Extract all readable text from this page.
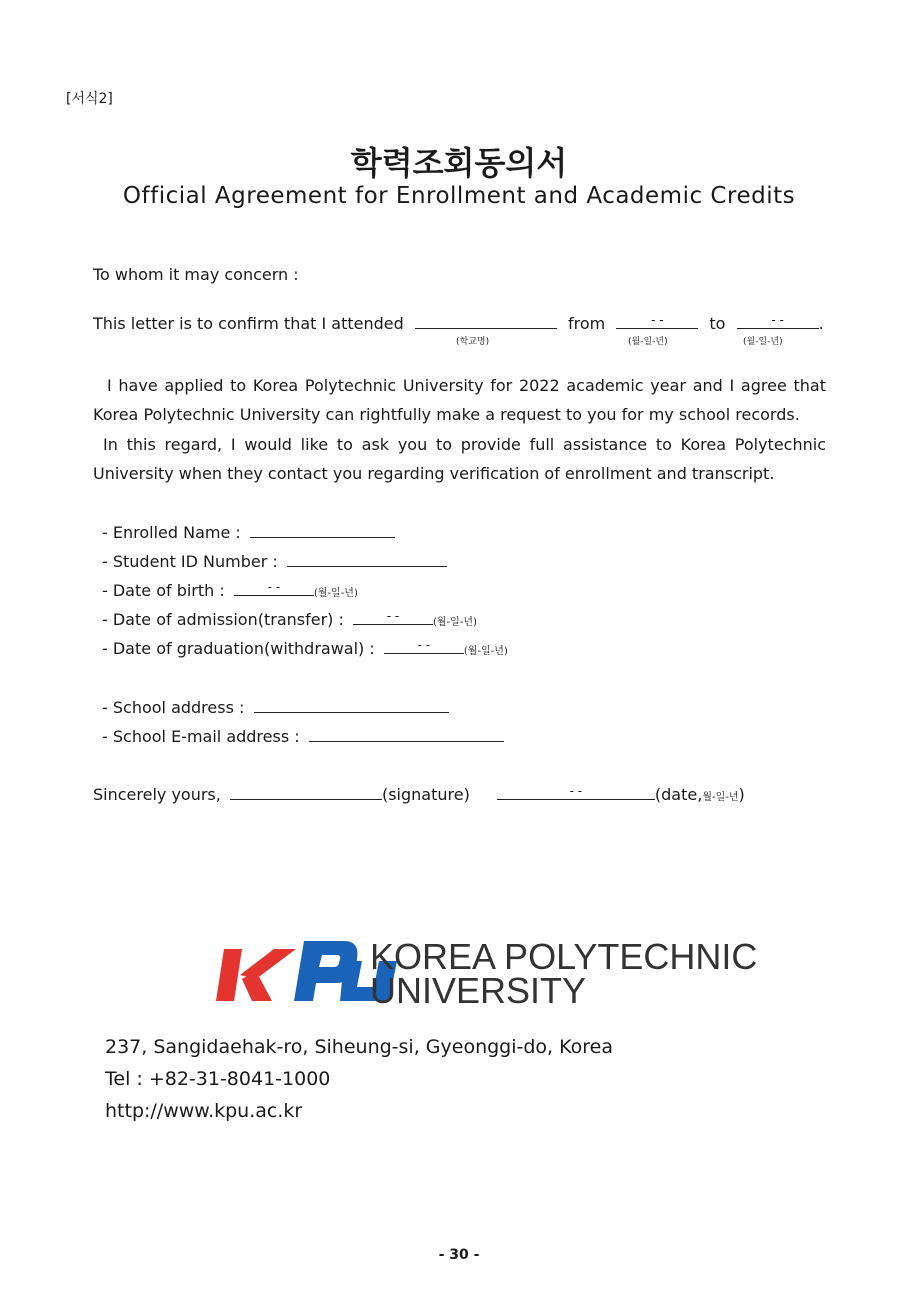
[서식2]
학력조회동의서
Official Agreement for Enrollment and Academic Credits
To whom it may concern :
This letter is to confirm that I attended	from	- -	to	- -	.
(학교명)	(월-일-년)	(월-일-년)
I have applied to Korea Polytechnic University for 2022 academic year and I agree that Korea Polytechnic University can rightfully make a request to you for my school records.
In this regard, I would like to ask you to provide full assistance to Korea Polytechnic University when they contact you regarding verification of enrollment and transcript.
- Enrolled Name :
- Student ID Number :
- Date of birth :	- -	(월-일-년)
- Date of admission(transfer) :	- -	(월-일-년)
- Date of graduation(withdrawal) :	- -	(월-일-년)
- School address :
- School E-mail address :
Sincerely yours,	(signature)	- -	(date,월-일-년)
KOREA POLYTECHNIC
UNIVERSITY
237, Sangidaehak-ro, Siheung-si, Gyeonggi-do, Korea
Tel : +82-31-8041-1000
http://www.kpu.ac.kr
- 30 -
